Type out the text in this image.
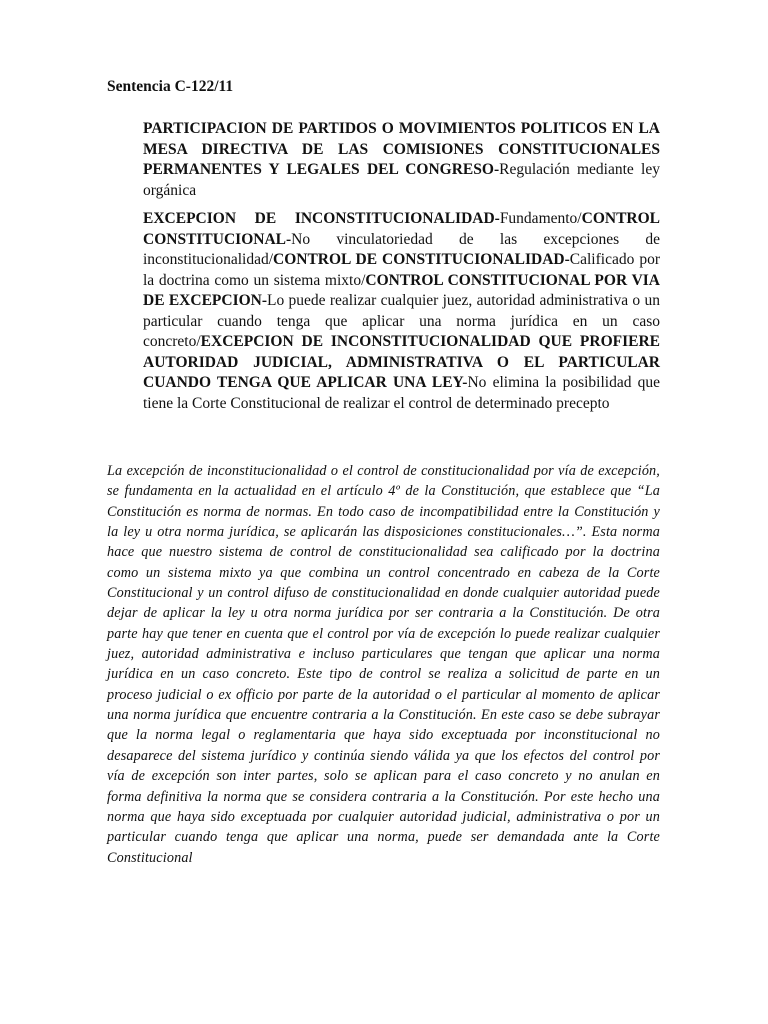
Sentencia C-122/11

PARTICIPACION DE PARTIDOS O MOVIMIENTOS POLITICOS EN LA MESA DIRECTIVA DE LAS COMISIONES CONSTITUCIONALES PERMANENTES Y LEGALES DEL CONGRESO-Regulación mediante ley orgánica

EXCEPCION DE INCONSTITUCIONALIDAD-Fundamento/CONTROL CONSTITUCIONAL-No vinculatoriedad de las excepciones de inconstitucionalidad/CONTROL DE CONSTITUCIONALIDAD-Calificado por la doctrina como un sistema mixto/CONTROL CONSTITUCIONAL POR VIA DE EXCEPCION-Lo puede realizar cualquier juez, autoridad administrativa o un particular cuando tenga que aplicar una norma jurídica en un caso concreto/EXCEPCION DE INCONSTITUCIONALIDAD QUE PROFIERE AUTORIDAD JUDICIAL, ADMINISTRATIVA O EL PARTICULAR CUANDO TENGA QUE APLICAR UNA LEY-No elimina la posibilidad que tiene la Corte Constitucional de realizar el control de determinado precepto

La excepción de inconstitucionalidad o el control de constitucionalidad por vía de excepción, se fundamenta en la actualidad en el artículo 4º de la Constitución, que establece que “La Constitución es norma de normas. En todo caso de incompatibilidad entre la Constitución y la ley u otra norma jurídica, se aplicarán las disposiciones constitucionales…”. Esta norma hace que nuestro sistema de control de constitucionalidad sea calificado por la doctrina como un sistema mixto ya que combina un control concentrado en cabeza de la Corte Constitucional y un control difuso de constitucionalidad en donde cualquier autoridad puede dejar de aplicar la ley u otra norma jurídica por ser contraria a la Constitución. De otra parte hay que tener en cuenta que el control por vía de excepción lo puede realizar cualquier juez, autoridad administrativa e incluso particulares que tengan que aplicar una norma jurídica en un caso concreto. Este tipo de control se realiza a solicitud de parte en un proceso judicial o ex officio por parte de la autoridad o el particular al momento de aplicar una norma jurídica que encuentre contraria a la Constitución. En este caso se debe subrayar que la norma legal o reglamentaria que haya sido exceptuada por inconstitucional no desaparece del sistema jurídico y continúa siendo válida ya que los efectos del control por vía de excepción son inter partes, solo se aplican para el caso concreto y no anulan en forma definitiva la norma que se considera contraria a la Constitución. Por este hecho una norma que haya sido exceptuada por cualquier autoridad judicial, administrativa o por un particular cuando tenga que aplicar una norma, puede ser demandada ante la Corte Constitucional
